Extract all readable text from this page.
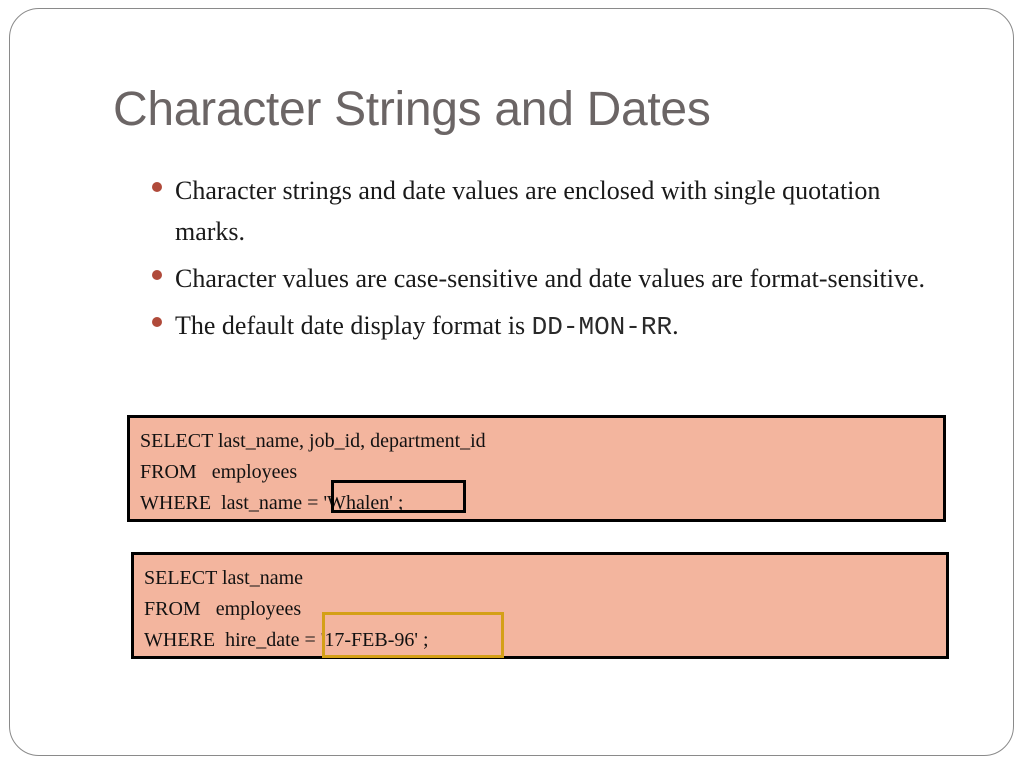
Character Strings and Dates
Character strings and date values are enclosed with single quotation marks.
Character values are case-sensitive and date values are format-sensitive.
The default date display format is DD-MON-RR.
SELECT last_name, job_id, department_id
FROM   employees
WHERE  last_name = 'Whalen' ;
SELECT last_name
FROM   employees
WHERE  hire_date = '17-FEB-96' ;
